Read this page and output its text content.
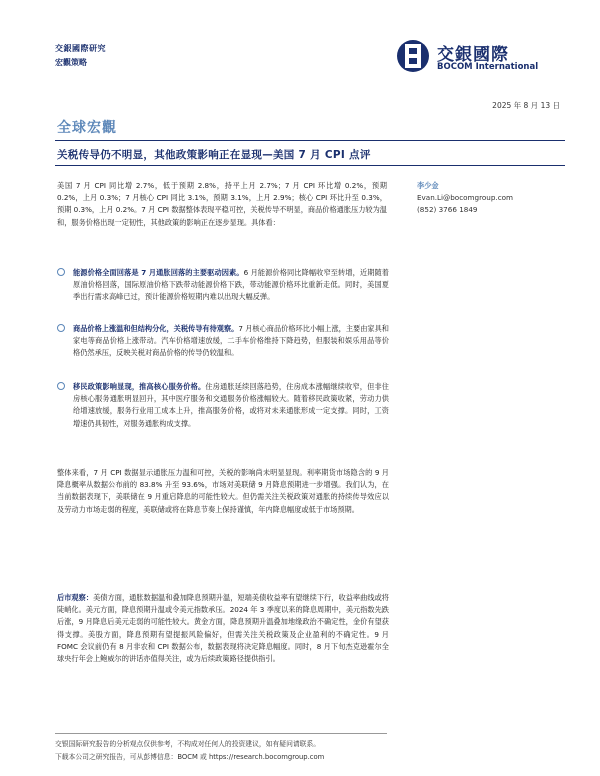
交銀國際研究
宏觀策略	交銀國際
BOCOM International
2025 年 8 月 13 日
全球宏觀
关税传导仍不明显，其他政策影响正在显现—美国 7 月 CPI 点评
美国 7 月 CPI 同比增 2.7%，低于预期 2.8%，持平上月 2.7%；7 月 CPI 环比增 0.2%，预期 0.2%，上月 0.3%；7 月核心 CPI 同比 3.1%，预期 3.1%，上月 2.9%；核心 CPI 环比升至 0.3%，预期 0.3%，上月 0.2%。7 月 CPI 数据整体表现平稳可控，关税传导不明显，商品价格通胀压力较为温和，服务价格出现一定韧性，其他政策的影响正在逐步显现。具体看：
李少金
Evan.Li@bocomgroup.com
(852) 3766 1849
能源价格全面回落是 7 月通胀回落的主要驱动因素。6 月能源价格同比降幅收窄至转增，近期随着原油价格回落，国际原油价格下跌带动能源价格下跌，带动能源价格环比重新走低。同时，美国夏季出行需求高峰已过，预计能源价格短期内难以出现大幅反弹。
商品价格上涨温和但结构分化，关税传导有待观察。7 月核心商品价格环比小幅上涨，主要由家具和家电等商品价格上涨带动。汽车价格增速放缓，二手车价格维持下降趋势，但服装和娱乐用品等价格仍然承压，反映关税对商品价格的传导仍较温和。
移民政策影响显现，推高核心服务价格。住房通胀延续回落趋势，住房成本涨幅继续收窄，但非住房核心服务通胀明显回升，其中医疗服务和交通服务价格涨幅较大。随着移民政策收紧，劳动力供给增速放缓，服务行业用工成本上升，推高服务价格，或将对未来通胀形成一定支撑。同时，工资增速仍具韧性，对服务通胀构成支撑。
整体来看，7 月 CPI 数据显示通胀压力温和可控，关税的影响尚未明显显现。利率期货市场隐含的 9 月降息概率从数据公布前的 83.8% 升至 93.6%，市场对美联储 9 月降息预期进一步增强。我们认为，在当前数据表现下，美联储在 9 月重启降息的可能性较大。但仍需关注关税政策对通胀的持续传导效应以及劳动力市场走弱的程度，美联储或将在降息节奏上保持谨慎，年内降息幅度或低于市场预期。
后市观察：美债方面，通胀数据温和叠加降息预期升温，短端美债收益率有望继续下行，收益率曲线或将陡峭化。美元方面，降息预期升温或令美元指数承压。2024 年 3 季度以来的降息周期中，美元指数先跌后涨，9 月降息后美元走弱的可能性较大。黄金方面，降息预期升温叠加地缘政治不确定性，金价有望获得支撑。美股方面，降息预期有望提振风险偏好，但需关注关税政策及企业盈利的不确定性。9 月 FOMC 会议前仍有 8 月非农和 CPI 数据公布，数据表现将决定降息幅度。同时，8 月下旬杰克逊霍尔全球央行年会上鲍威尔的讲话亦值得关注，或为后续政策路径提供指引。
交银国际研究报告的分析观点仅供参考，不构成对任何人的投资建议，如有疑问请联系。
下载本公司之研究报告，可从彭博信息：BOCM 或 https://research.bocomgroup.com
